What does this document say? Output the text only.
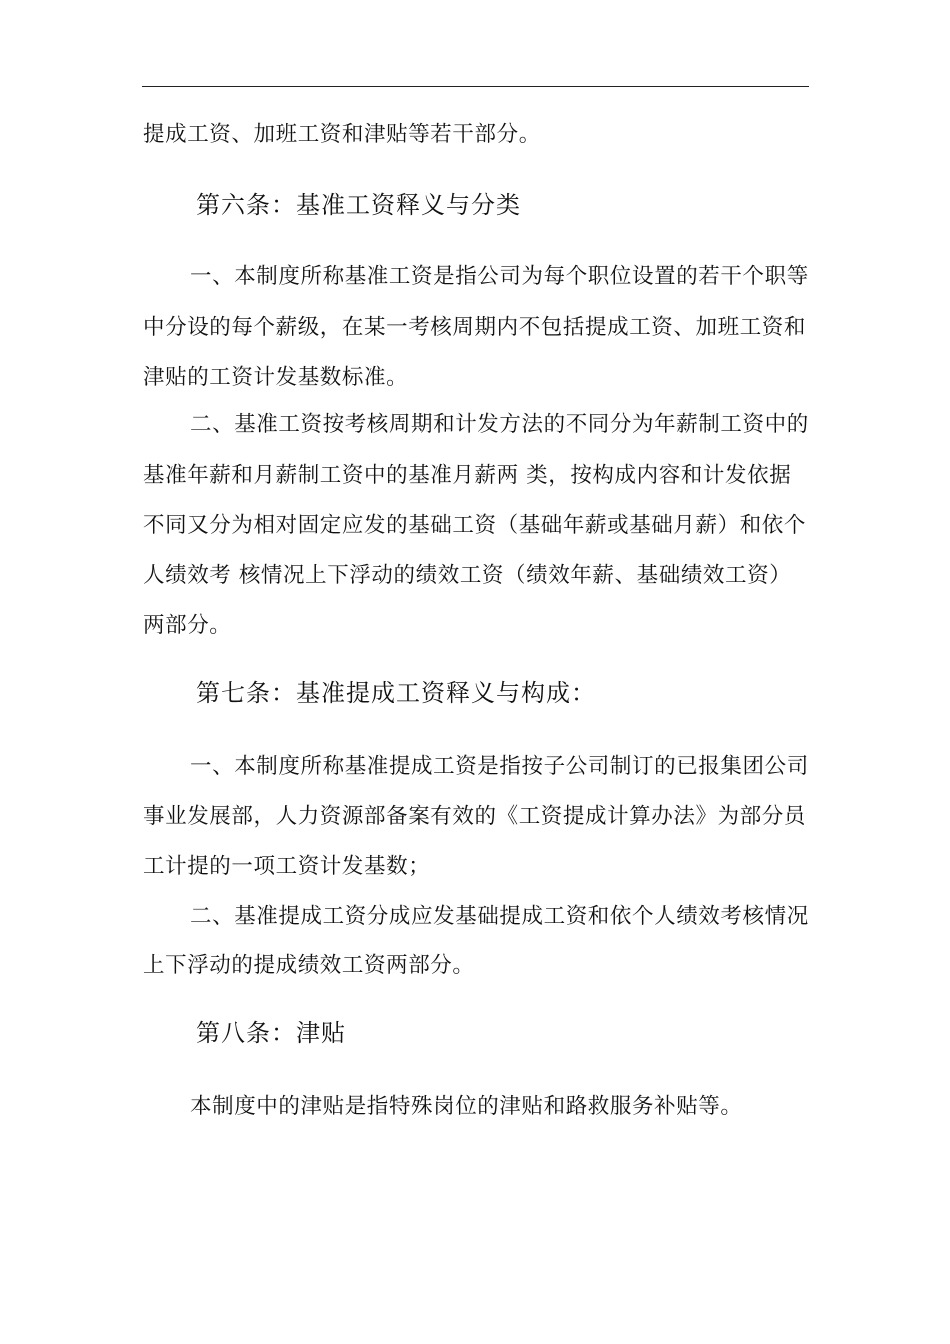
提成工资、加班工资和津贴等若干部分。
第六条：基准工资释义与分类
一、本制度所称基准工资是指公司为每个职位设置的若干个职等
中分设的每个薪级，在某一考核周期内不包括提成工资、加班工资和
津贴的工资计发基数标准。
二、基准工资按考核周期和计发方法的不同分为年薪制工资中的
基准年薪和月薪制工资中的基准月薪两 类，按构成内容和计发依据
不同又分为相对固定应发的基础工资（基础年薪或基础月薪）和依个
人绩效考 核情况上下浮动的绩效工资（绩效年薪、基础绩效工资）
两部分。
第七条：基准提成工资释义与构成：
一、本制度所称基准提成工资是指按子公司制订的已报集团公司
事业发展部，人力资源部备案有效的《工资提成计算办法》为部分员
工计提的一项工资计发基数；
二、基准提成工资分成应发基础提成工资和依个人绩效考核情况
上下浮动的提成绩效工资两部分。
第八条：津贴
本制度中的津贴是指特殊岗位的津贴和路救服务补贴等。
